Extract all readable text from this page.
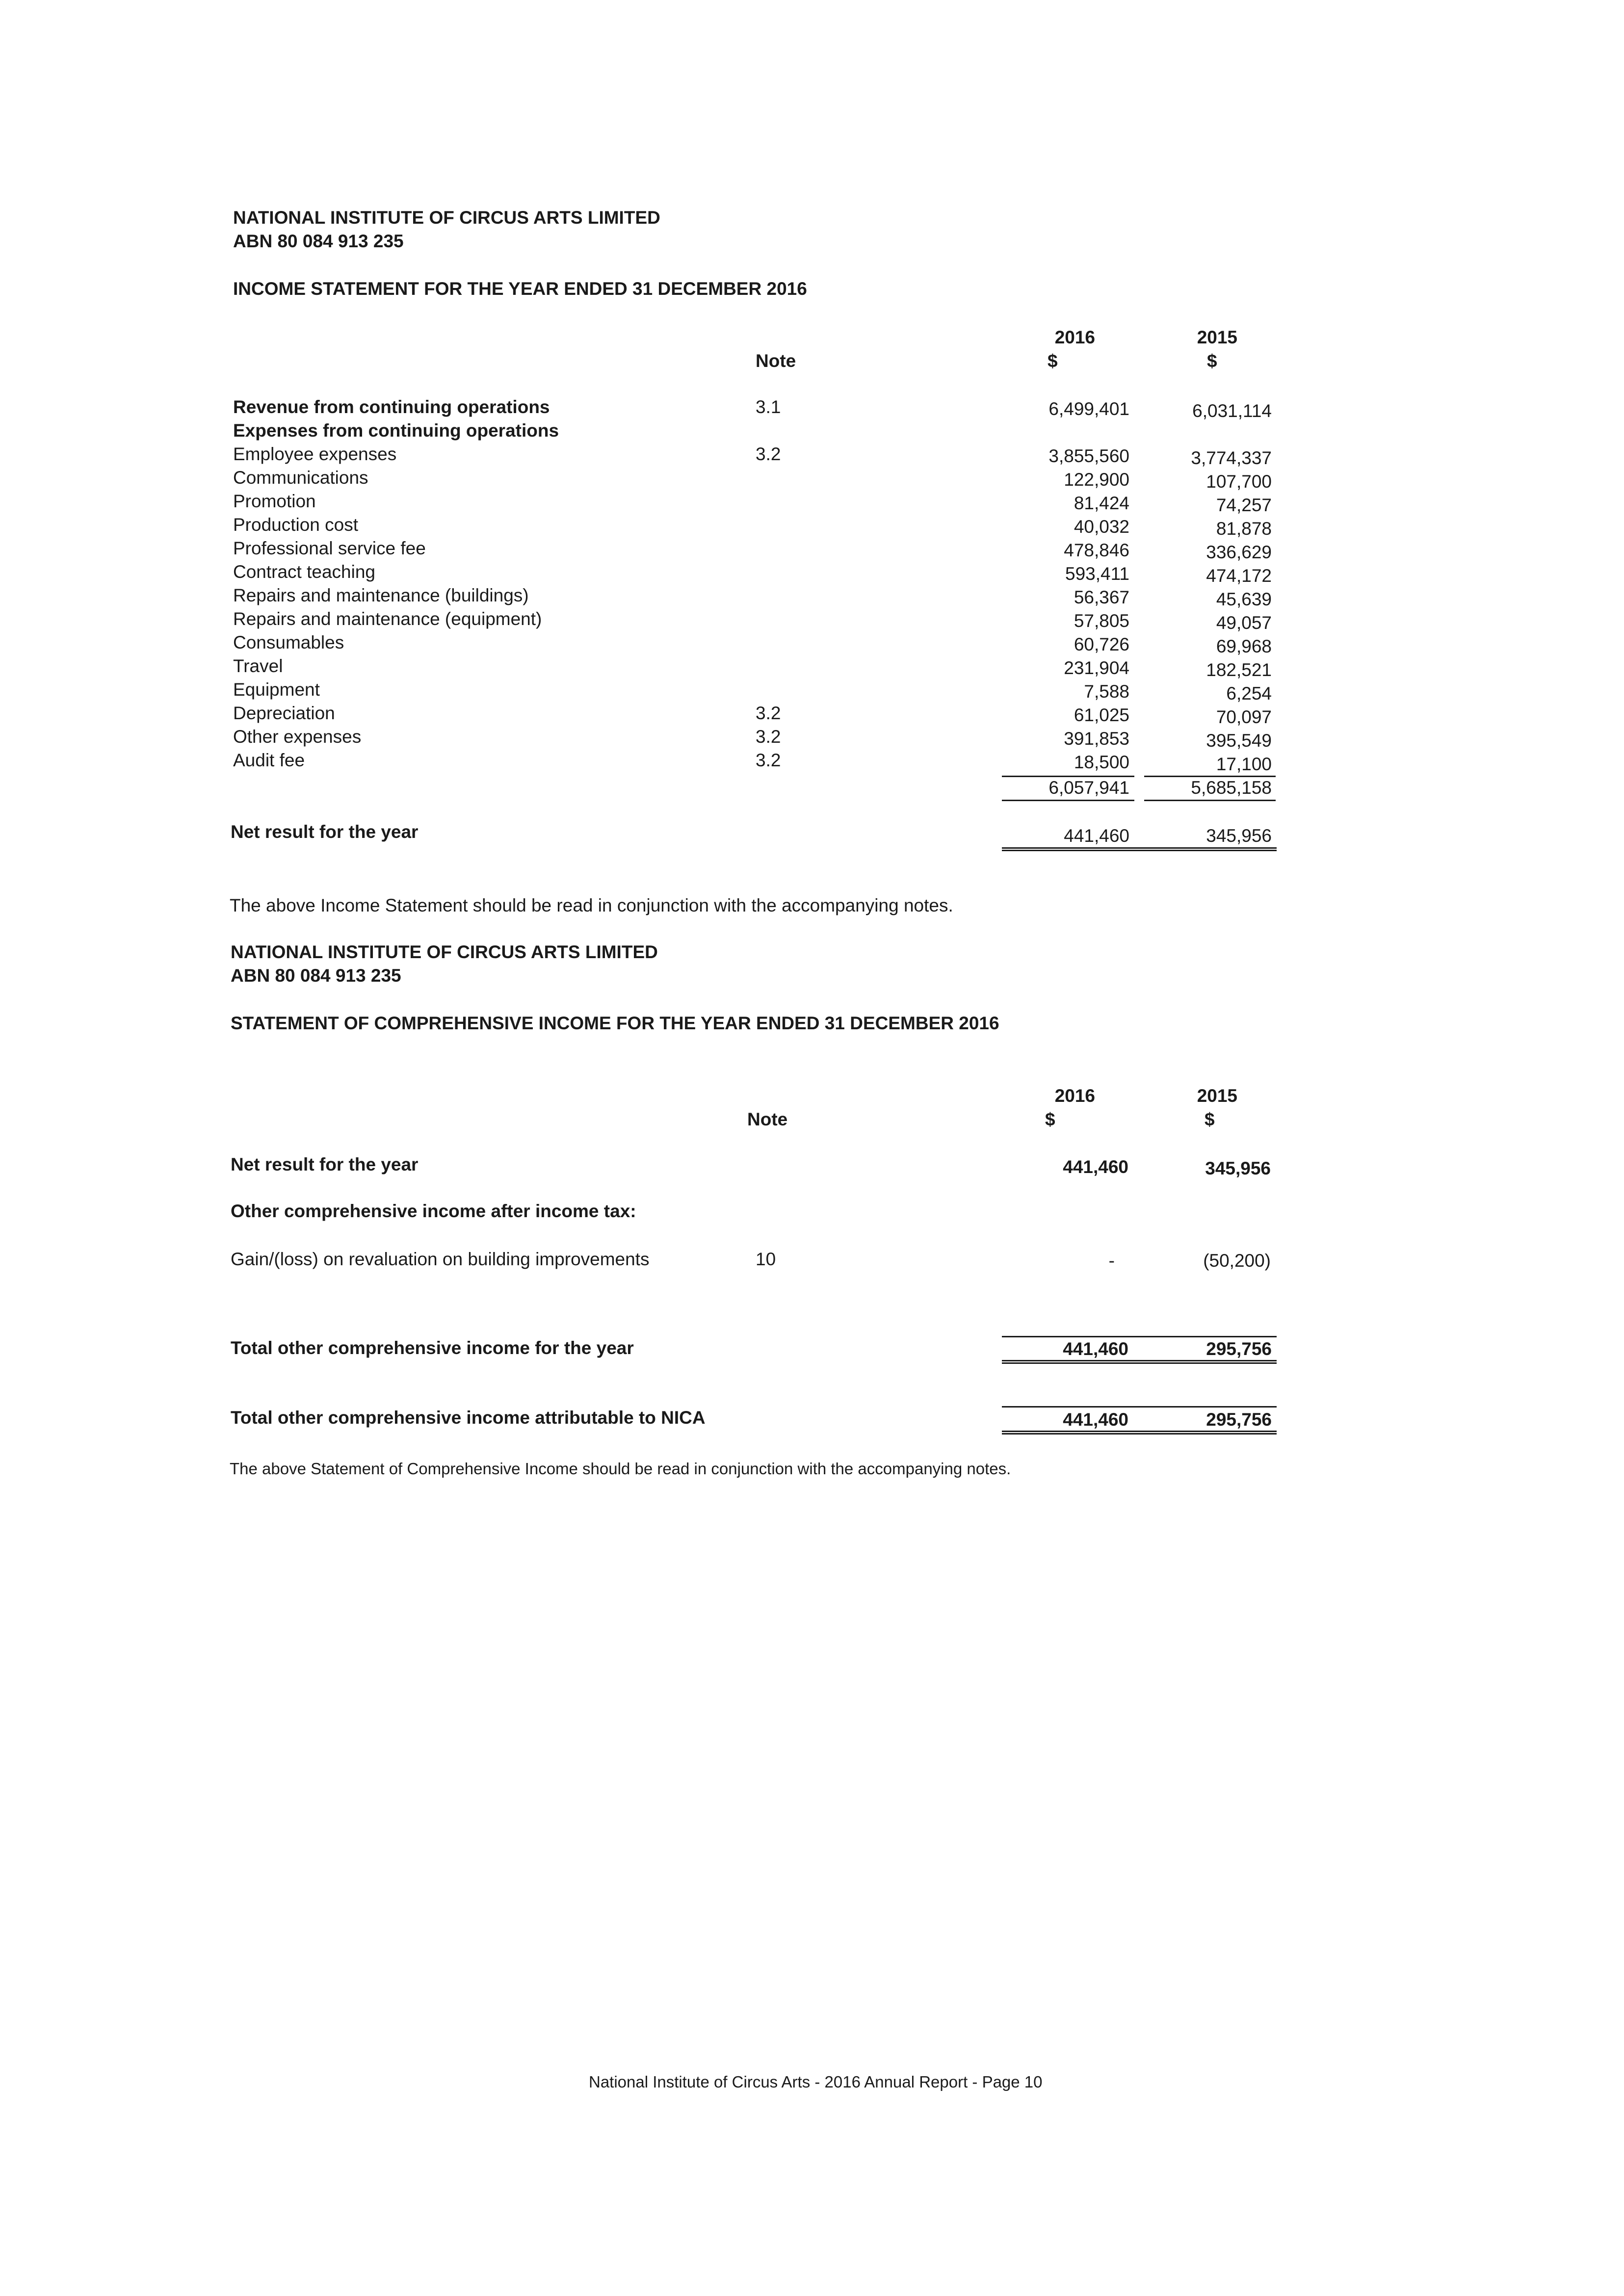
NATIONAL INSTITUTE OF CIRCUS ARTS LIMITED
ABN 80 084 913 235
INCOME STATEMENT FOR THE YEAR ENDED 31 DECEMBER 2016
Note
2016	2015
$	$
Revenue from continuing operations	3.1	6,499,401	6,031,114
Expenses from continuing operations
Employee expenses	3.2	3,855,560	3,774,337
Communications	122,900	107,700
Promotion	81,424	74,257
Production cost	40,032	81,878
Professional service fee	478,846	336,629
Contract teaching	593,411	474,172
Repairs and maintenance (buildings)	56,367	45,639
Repairs and maintenance (equipment)	57,805	49,057
Consumables	60,726	69,968
Travel	231,904	182,521
Equipment	7,588	6,254
Depreciation	3.2	61,025	70,097
Other expenses	3.2	391,853	395,549
Audit fee	3.2	18,500	17,100
6,057,941	5,685,158
Net result for the year	441,460	345,956
The above Income Statement should be read in conjunction with the accompanying notes.
NATIONAL INSTITUTE OF CIRCUS ARTS LIMITED
ABN 80 084 913 235
STATEMENT OF COMPREHENSIVE INCOME FOR THE YEAR ENDED 31 DECEMBER 2016
2016	2015
Note	$	$
Net result for the year	441,460	345,956
Other comprehensive income after income tax:
Gain/(loss) on revaluation on building improvements	10	-	(50,200)
Total other comprehensive income for the year	441,460	295,756
Total other comprehensive income attributable to NICA	441,460	295,756
The above Statement of Comprehensive Income should be read in conjunction with the accompanying notes.
National Institute of Circus Arts - 2016 Annual Report - Page 10
